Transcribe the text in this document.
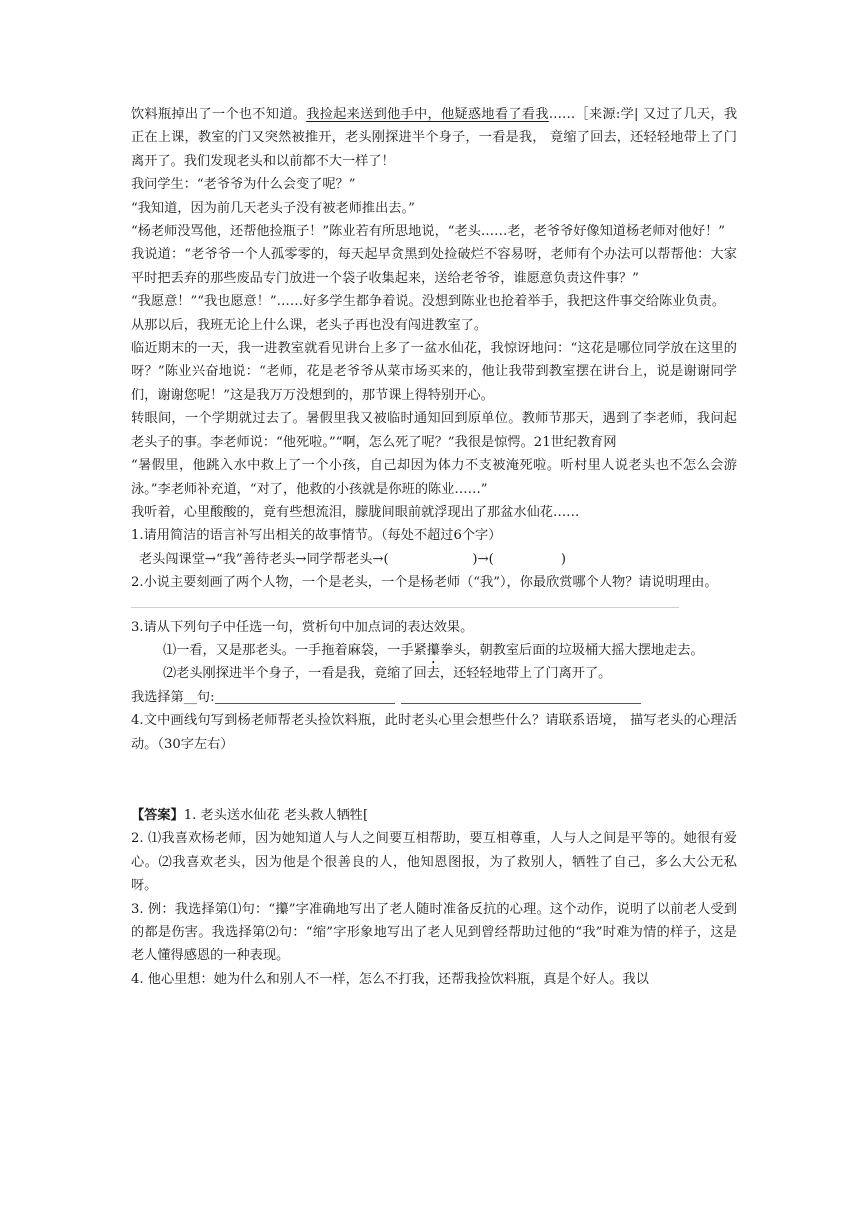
饮料瓶掉出了一个也不知道。我捡起来送到他手中，他疑惑地看了看我……［来源:学| 又过了几天，我正在上课，教室的门又突然被推开，老头刚探进半个身子，一看是我， 竟缩了回去，还轻轻地带上了门离开了。我们发现老头和以前都不大一样了！

我问学生：“老爷爷为什么会变了呢？”

“我知道，因为前几天老头子没有被老师推出去。”

“杨老师没骂他，还帮他捡瓶子！”陈业若有所思地说，“老头……老，老爷爷好像知道杨老师对他好！”

我说道：“老爷爷一个人孤零零的，每天起早贪黑到处捡破烂不容易呀，老师有个办法可以帮帮他：大家平时把丢弃的那些废品专门放进一个袋子收集起来，送给老爷爷，谁愿意负责这件事？”

“我愿意！”“我也愿意！”……好多学生都争着说。没想到陈业也抢着举手，我把这件事交给陈业负责。

从那以后，我班无论上什么课，老头子再也没有闯进教室了。

临近期末的一天，我一进教室就看见讲台上多了一盆水仙花，我惊讶地问：“这花是哪位同学放在这里的呀？”陈业兴奋地说：“老师，花是老爷爷从菜市场买来的，他让我带到教室摆在讲台上，说是谢谢同学们，谢谢您呢！”这是我万万没想到的，那节课上得特别开心。

转眼间，一个学期就过去了。暑假里我又被临时通知回到原单位。教师节那天，遇到了李老师，我问起老头子的事。李老师说：“他死啦。”“啊，怎么死了呢？”我很是惊愕。21世纪教育网

“暑假里，他跳入水中救上了一个小孩，自己却因为体力不支被淹死啦。听村里人说老头也不怎么会游泳。”李老师补充道，“对了，他救的小孩就是你班的陈业……”

我听着，心里酸酸的，竟有些想流泪，朦胧间眼前就浮现出了那盆水仙花……

1.请用简洁的语言补写出相关的故事情节。（每处不超过6个字）

老头闯课堂→“我”善待老头→同学帮老头→(                    )→(                )

2.小说主要刻画了两个人物，一个是老头，一个是杨老师（“我”），你最欣赏哪个人物？请说明理由。

3.请从下列句子中任选一句，赏析句中加点词的表达效果。

⑴一看，又是那老头。一手拖着麻袋，一手紧攥拳头，朝教室后面的垃圾桶大摇大摆地走去。

⑵老头刚探进半个身子，一看是我，竟缩了回去，还轻轻地带上了门离开了。

我选择第__句:

4.文中画线句写到杨老师帮老头捡饮料瓶，此时老头心里会想些什么？请联系语境， 描写老头的心理活动。（30字左右）

【答案】1. 老头送水仙花 老头救人牺牲[

2. ⑴我喜欢杨老师，因为她知道人与人之间要互相帮助，要互相尊重，人与人之间是平等的。她很有爱心。⑵我喜欢老头，因为他是个很善良的人，他知恩图报，为了救别人，牺牲了自己，多么大公无私呀。

3. 例：我选择第⑴句：“攥”字准确地写出了老人随时准备反抗的心理。这个动作，说明了以前老人受到的都是伤害。我选择第⑵句：“缩”字形象地写出了老人见到曾经帮助过他的“我”时难为情的样子，这是老人懂得感恩的一种表现。

4. 他心里想：她为什么和别人不一样，怎么不打我，还帮我捡饮料瓶，真是个好人。我以
